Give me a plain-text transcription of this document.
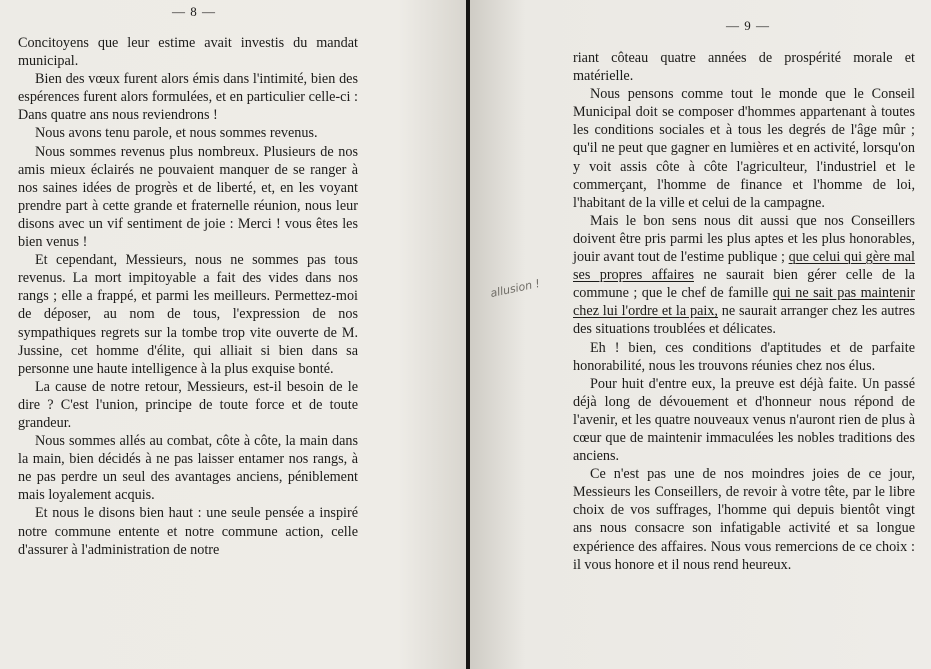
— 8 —

Concitoyens que leur estime avait investis du mandat municipal.

Bien des vœux furent alors émis dans l'intimité, bien des espérences furent alors formulées, et en particulier celle-ci : Dans quatre ans nous reviendrons !

Nous avons tenu parole, et nous sommes revenus.

Nous sommes revenus plus nombreux. Plusieurs de nos amis mieux éclairés ne pouvaient manquer de se ranger à nos saines idées de progrès et de liberté, et, en les voyant prendre part à cette grande et fraternelle réunion, nous leur disons avec un vif sentiment de joie : Merci ! vous êtes les bien venus !

Et cependant, Messieurs, nous ne sommes pas tous revenus. La mort impitoyable a fait des vides dans nos rangs ; elle a frappé, et parmi les meilleurs. Permettez-moi de déposer, au nom de tous, l'expression de nos sympathiques regrets sur la tombe trop vite ouverte de M. Jussine, cet homme d'élite, qui alliait si bien dans sa personne une haute intelligence à la plus exquise bonté.

La cause de notre retour, Messieurs, est-il besoin de le dire ? C'est l'union, principe de toute force et de toute grandeur.

Nous sommes allés au combat, côte à côte, la main dans la main, bien décidés à ne pas laisser entamer nos rangs, à ne pas perdre un seul des avantages anciens, péniblement mais loyalement acquis.

Et nous le disons bien haut : une seule pensée a inspiré notre commune entente et notre commune action, celle d'assurer à l'administration de notre

— 9 —

riant côteau quatre années de prospérité morale et matérielle.

Nous pensons comme tout le monde que le Conseil Municipal doit se composer d'hommes appartenant à toutes les conditions sociales et à tous les degrés de l'âge mûr ; qu'il ne peut que gagner en lumières et en activité, lorsqu'on y voit assis côte à côte l'agriculteur, l'industriel et le commerçant, l'homme de finance et l'homme de loi, l'habitant de la ville et celui de la campagne.

Mais le bon sens nous dit aussi que nos Conseillers doivent être pris parmi les plus aptes et les plus honorables, jouir avant tout de l'estime publique ; que celui qui gère mal ses propres affaires ne saurait bien gérer celle de la commune ; que le chef de famille qui ne sait pas maintenir chez lui l'ordre et la paix, ne saurait arranger chez les autres des situations troublées et délicates.

Eh ! bien, ces conditions d'aptitudes et de parfaite honorabilité, nous les trouvons réunies chez nos élus.

Pour huit d'entre eux, la preuve est déjà faite. Un passé déjà long de dévouement et d'honneur nous répond de l'avenir, et les quatre nouveaux venus n'auront rien de plus à cœur que de maintenir immaculées les nobles traditions des anciens.

Ce n'est pas une de nos moindres joies de ce jour, Messieurs les Conseillers, de revoir à votre tête, par le libre choix de vos suffrages, l'homme qui depuis bientôt vingt ans nous consacre son infatigable activité et sa longue expérience des affaires. Nous vous remercions de ce choix : il vous honore et il nous rend heureux.

allusion !
